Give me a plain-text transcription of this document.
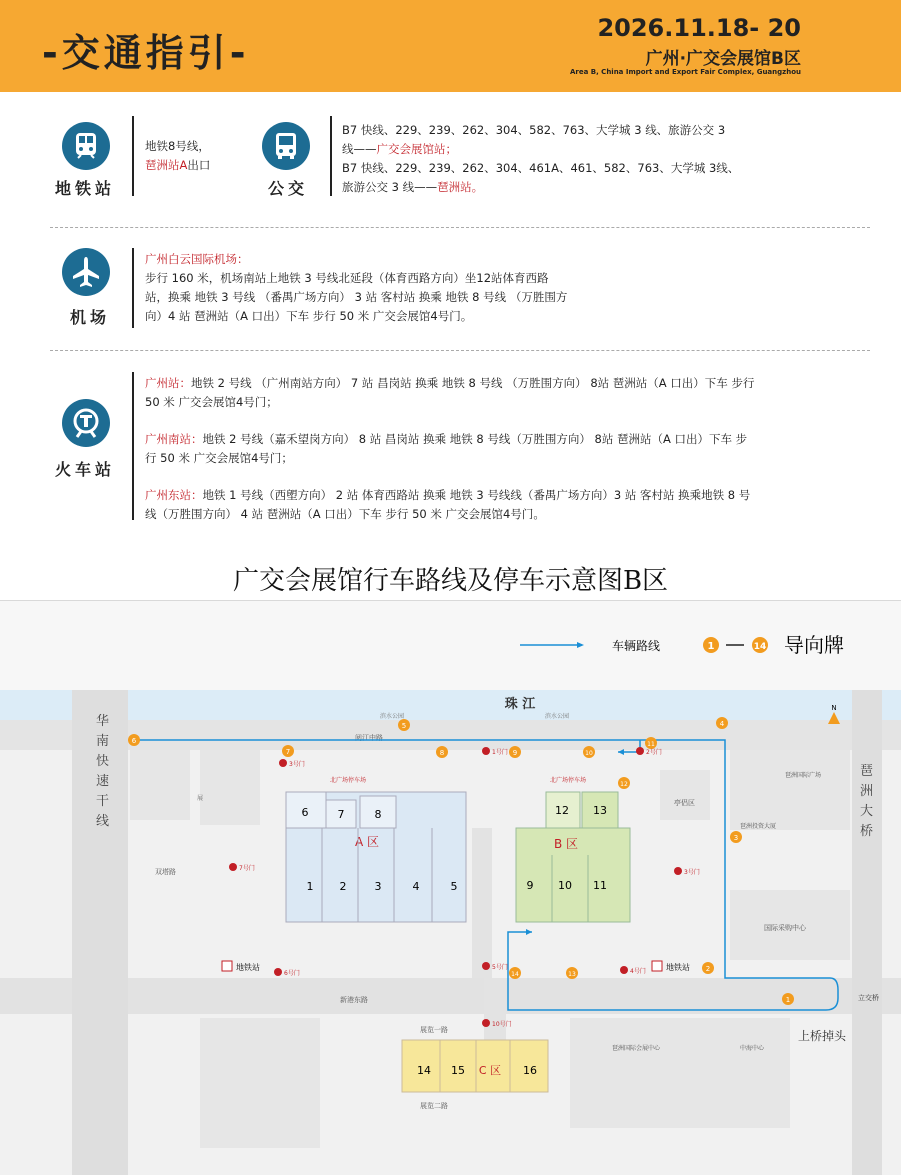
-交通指引-
2026.11.18- 20
广州·广交会展馆B区
Area B, China Import and Export Fair Complex, Guangzhou
地铁站
地铁8号线，
琶洲站A出口
公交
B7 快线、229、239、262、304、582、763、大学城 3 线、旅游公交 3
线——广交会展馆站；
B7 快线、229、239、262、304、461A、461、582、763、大学城 3线、
旅游公交 3 线——琶洲站。
机场
广州白云国际机场：
步行 160 米，机场南站上地铁 3 号线北延段（体育西路方向）坐12站体育西路
站，换乘 地铁 3 号线 （番禺广场方向） 3 站 客村站 换乘 地铁 8 号线 （万胜围方
向）4 站 琶洲站（A 口出）下车 步行 50 米 广交会展馆4号门。
火车站
广州站：地铁 2 号线 （广州南站方向） 7 站 昌岗站 换乘 地铁 8 号线 （万胜围方向） 8站 琶洲站（A 口出）下车 步行
50 米 广交会展馆4号门；
广州南站：地铁 2 号线（嘉禾望岗方向） 8 站 昌岗站 换乘 地铁 8 号线（万胜围方向） 8站 琶洲站（A 口出）下车 步
行 50 米 广交会展馆4号门；
广州东站：地铁 1 号线（西塱方向） 2 站 体育西路站 换乘 地铁 3 号线线（番禺广场方向）3 站 客村站 换乘地铁 8 号
线（万胜围方向） 4 站 琶洲站（A 口出）下车 步行 50 米 广交会展馆4号门。
广交会展馆行车路线及停车示意图B区
车辆路线	1	14 导向牌
珠 江
滨水公园	滨水公园
阅江中路
新港东路
华
南
快
速
干
线
琶
洲
大
桥
N
展
双塔路
亭侣区
国际采购中心
琶洲国际广场
琶洲投资大厦
琶洲国际会展中心	中海中心
上桥掉头
立交桥
6	7	8
A 区
1 2	3	4	5
12 13
B 区
9 10 11
14 15 C 区 16
展览一路
展览二路
北广场停车场	北广场停车场
地铁站	地铁站
1
2
3
4
5
6
7	8	9	10
11
12
13
14
3号门
1号门	2号门
7号门
3号门
6号门
5号门
4号门
10号门
